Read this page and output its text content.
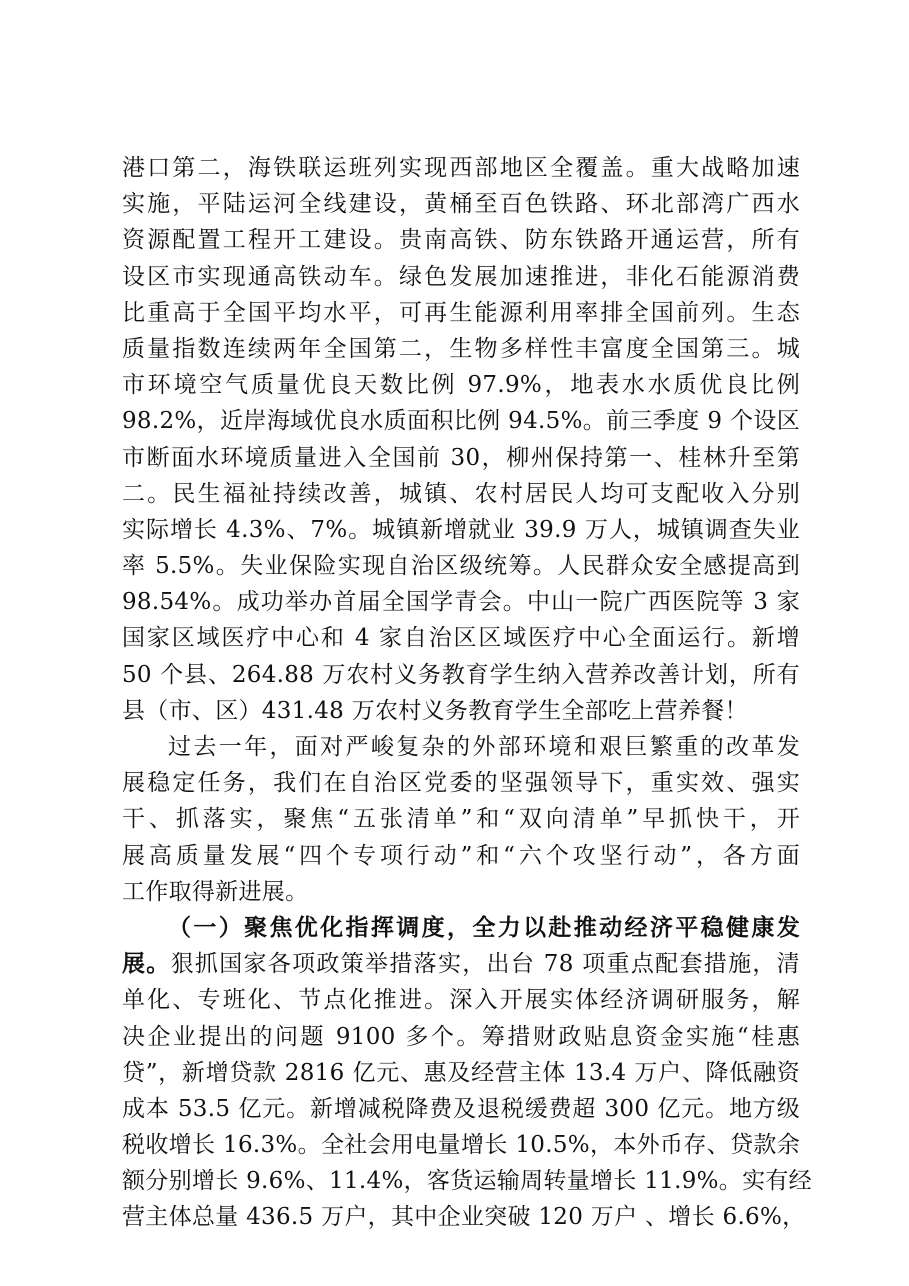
港口第二，海铁联运班列实现西部地区全覆盖。重大战略加速
实施，平陆运河全线建设，黄桶至百色铁路、环北部湾广西水
资源配置工程开工建设。贵南高铁、防东铁路开通运营，所有
设区市实现通高铁动车。绿色发展加速推进，非化石能源消费
比重高于全国平均水平，可再生能源利用率排全国前列。生态
质量指数连续两年全国第二，生物多样性丰富度全国第三。城
市环境空气质量优良天数比例 97.9%，地表水水质优良比例
98.2%，近岸海域优良水质面积比例 94.5%。前三季度 9 个设区
市断面水环境质量进入全国前 30，柳州保持第一、桂林升至第
二。民生福祉持续改善，城镇、农村居民人均可支配收入分别
实际增长 4.3%、7%。城镇新增就业 39.9 万人，城镇调查失业
率 5.5%。失业保险实现自治区级统筹。人民群众安全感提高到
98.54%。成功举办首届全国学青会。中山一院广西医院等 3 家
国家区域医疗中心和 4 家自治区区域医疗中心全面运行。新增
50 个县、264.88 万农村义务教育学生纳入营养改善计划，所有
县（市、区）431.48 万农村义务教育学生全部吃上营养餐！
过去一年，面对严峻复杂的外部环境和艰巨繁重的改革发
展稳定任务，我们在自治区党委的坚强领导下，重实效、强实
干、抓落实，聚焦“五张清单”和“双向清单”早抓快干，开
展高质量发展“四个专项行动”和“六个攻坚行动”，各方面
工作取得新进展。
（一）聚焦优化指挥调度，全力以赴推动经济平稳健康发
展。狠抓国家各项政策举措落实，出台 78 项重点配套措施，清
单化、专班化、节点化推进。深入开展实体经济调研服务，解
决企业提出的问题 9100 多个。筹措财政贴息资金实施“桂惠
贷”，新增贷款 2816 亿元、惠及经营主体 13.4 万户、降低融资
成本 53.5 亿元。新增减税降费及退税缓费超 300 亿元。地方级
税收增长 16.3%。全社会用电量增长 10.5%，本外币存、贷款余
额分别增长 9.6%、11.4%，客货运输周转量增长 11.9%。实有经
营主体总量 436.5 万户，其中企业突破 120 万户 、增长 6.6%，
